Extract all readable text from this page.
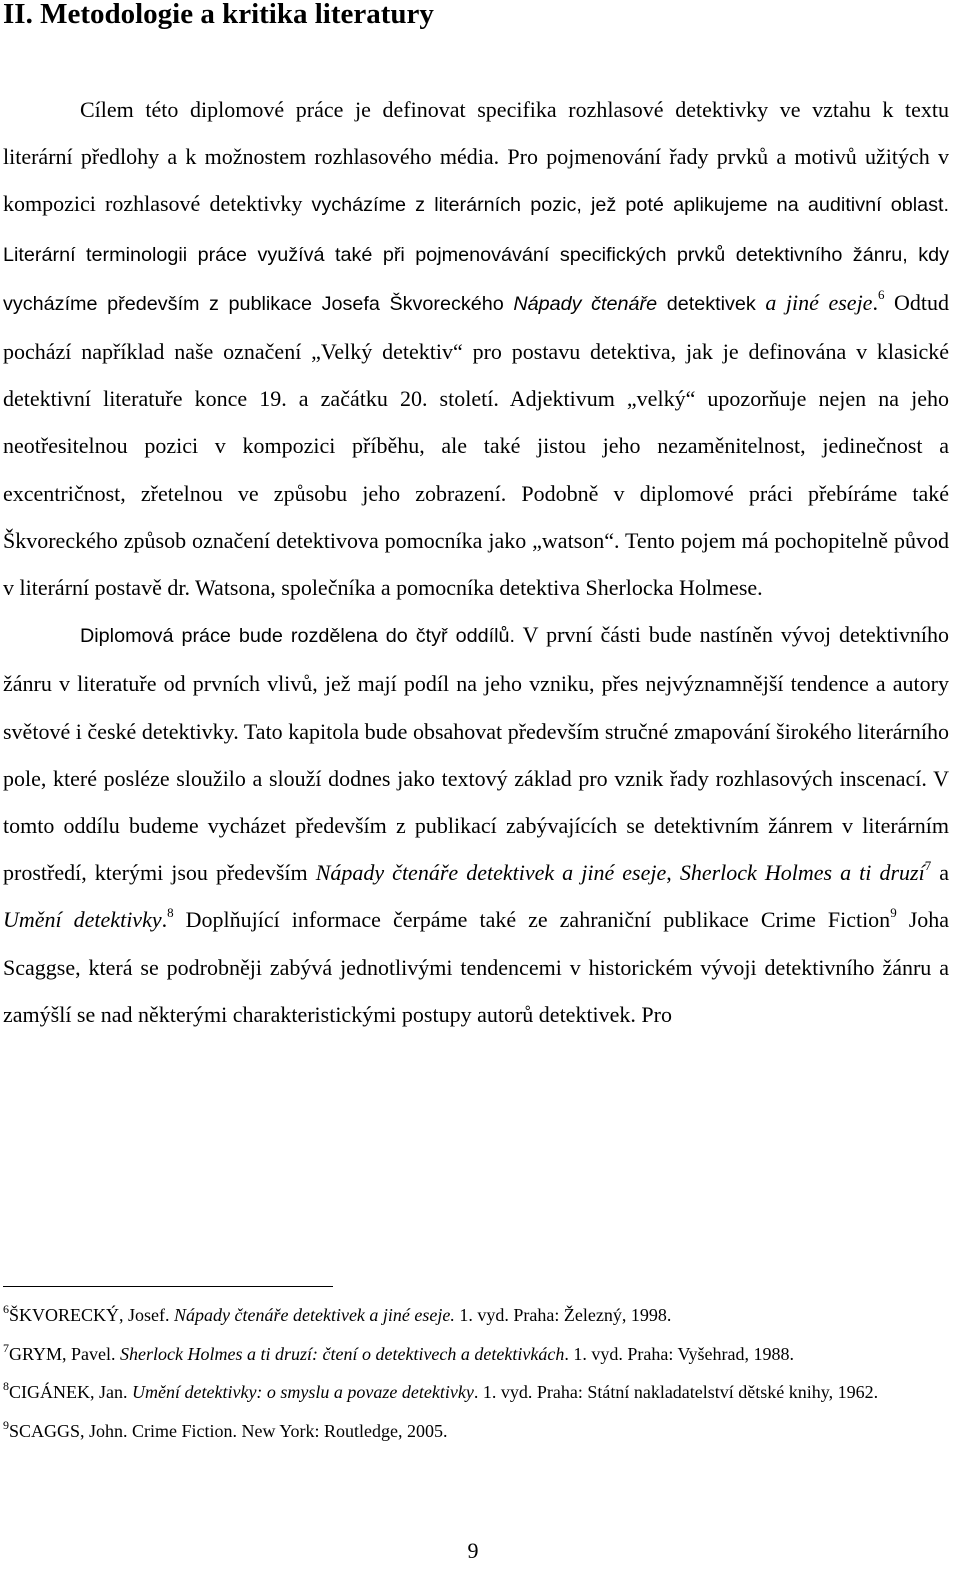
II. Metodologie a kritika literatury

Cílem této diplomové práce je definovat specifika rozhlasové detektivky ve vztahu k textu literární předlohy a k možnostem rozhlasového média. Pro pojmenování řady prvků a motivů užitých v kompozici rozhlasové detektivky vycházíme z literárních pozic, jež poté aplikujeme na auditivní oblast. Literární terminologii práce využívá také při pojmenovávání specifických prvků detektivního žánru, kdy vycházíme především z publikace Josefa Škvoreckého Nápady čtenáře detektivek a jiné eseje.$^6$ Odtud pochází například naše označení „Velký detektiv“ pro postavu detektiva, jak je definována v klasické detektivní literatuře konce 19. a začátku 20. století. Adjektivum „velký“ upozorňuje nejen na jeho neotřesitelnou pozici v kompozici příběhu, ale také jistou jeho nezaměnitelnost, jedinečnost a excentričnost, zřetelnou ve způsobu jeho zobrazení. Podobně v diplomové práci přebíráme také Škvoreckého způsob označení detektivova pomocníka jako „watson“. Tento pojem má pochopitelně původ v literární postavě dr. Watsona, společníka a pomocníka detektiva Sherlocka Holmese.

Diplomová práce bude rozdělena do čtyř oddílů. V první části bude nastíněn vývoj detektivního žánru v literatuře od prvních vlivů, jež mají podíl na jeho vzniku, přes nejvýznamnější tendence a autory světové i české detektivky. Tato kapitola bude obsahovat především stručné zmapování širokého literárního pole, které posléze sloužilo a slouží dodnes jako textový základ pro vznik řady rozhlasových inscenací. V tomto oddílu budeme vycházet především z publikací zabývajících se detektivním žánrem v literárním prostředí, kterými jsou především Nápady čtenáře detektivek a jiné eseje, Sherlock Holmes a ti druzí$^7$ a Umění detektivky.$^8$ Doplňující informace čerpáme také ze zahraniční publikace Crime Fiction$^9$ Joha Scaggse, která se podrobněji zabývá jednotlivými tendencemi v historickém vývoji detektivního žánru a zamýšlí se nad některými charakteristickými postupy autorů detektivek. Pro

$^6$ŠKVORECKÝ, Josef. Nápady čtenáře detektivek a jiné eseje. 1. vyd. Praha: Železný, 1998.

$^7$GRYM, Pavel. Sherlock Holmes a ti druzí: čtení o detektivech a detektivkách. 1. vyd. Praha: Vyšehrad, 1988.

$^8$CIGÁNEK, Jan. Umění detektivky: o smyslu a povaze detektivky. 1. vyd. Praha: Státní nakladatelství dětské knihy, 1962.

$^9$SCAGGS, John. Crime Fiction. New York: Routledge, 2005.

9
